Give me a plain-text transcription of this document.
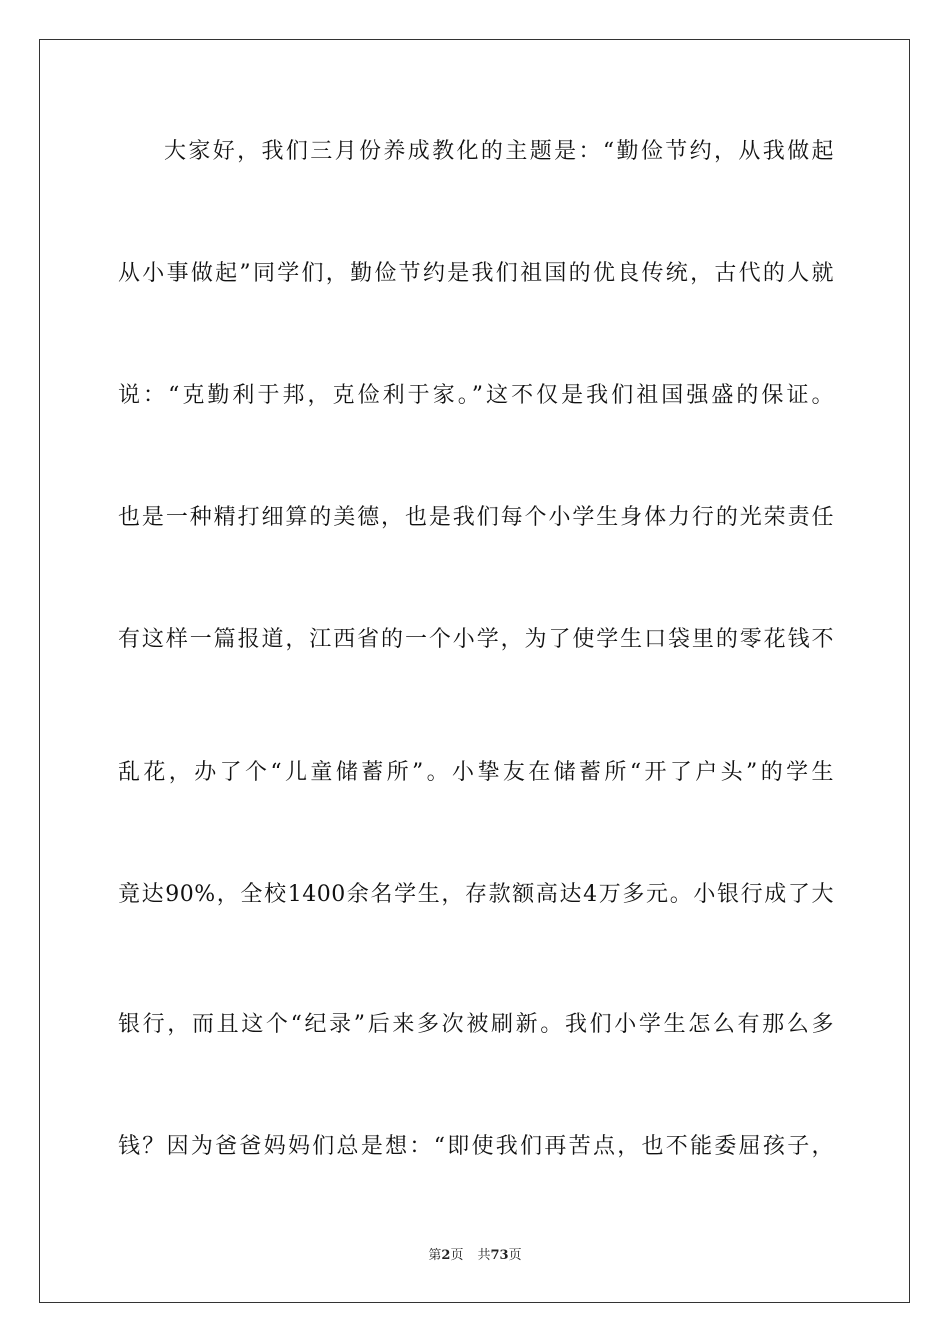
大家好，我们三月份养成教化的主题是：“勤俭节约，从我做起
从小事做起”同学们，勤俭节约是我们祖国的优良传统，古代的人就
说：“克勤利于邦，克俭利于家。”这不仅是我们祖国强盛的保证。
也是一种精打细算的美德，也是我们每个小学生身体力行的光荣责任
有这样一篇报道，江西省的一个小学，为了使学生口袋里的零花钱不
乱花，办了个“儿童储蓄所”。小挚友在储蓄所“开了户头”的学生
竟达90%，全校1400余名学生，存款额高达4万多元。小银行成了大
银行，而且这个“纪录”后来多次被刷新。我们小学生怎么有那么多
钱？因为爸爸妈妈们总是想：“即使我们再苦点，也不能委屈孩子，
第2页 共73页
